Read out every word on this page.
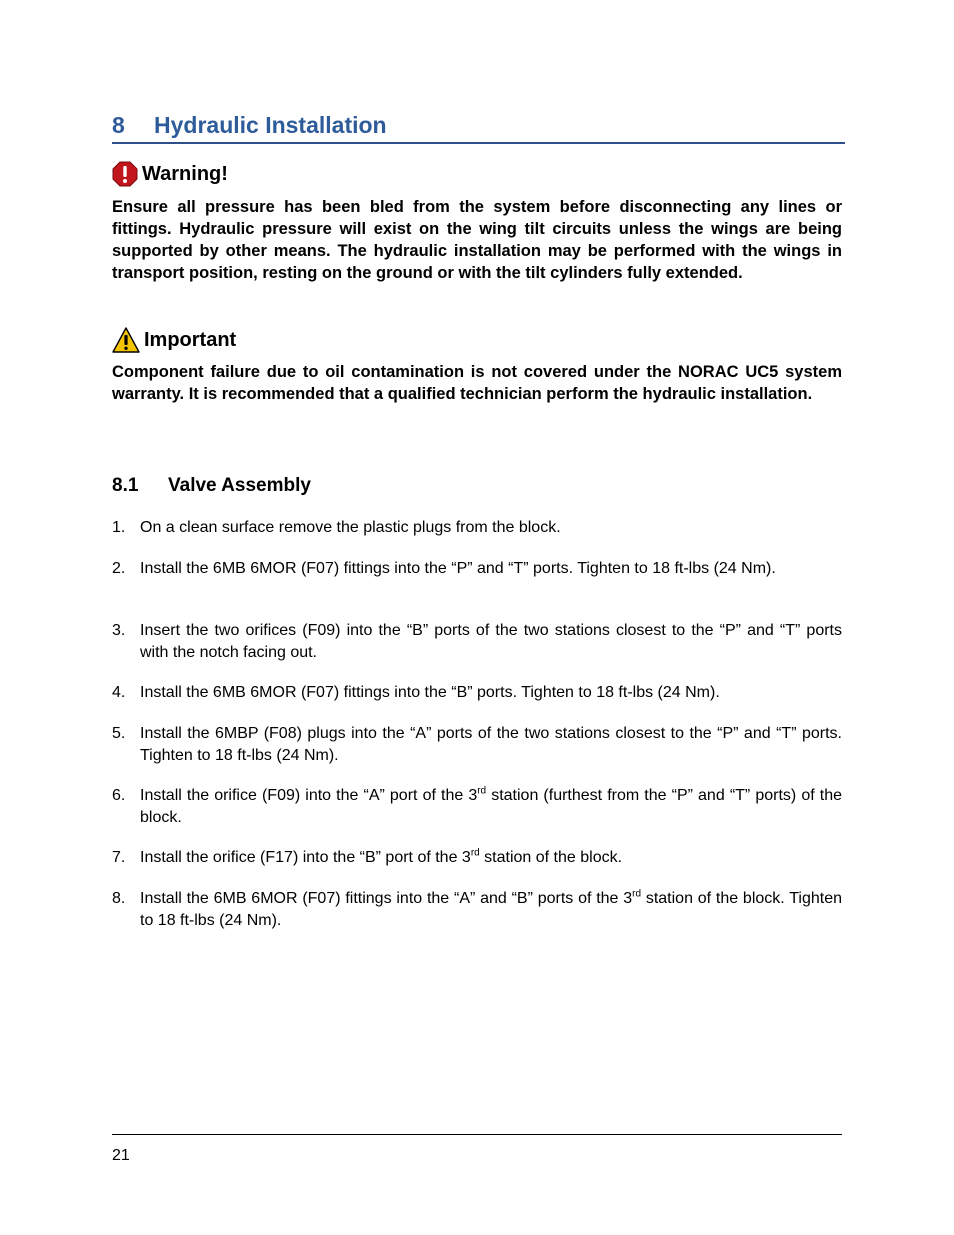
8 Hydraulic Installation
Warning!
Ensure all pressure has been bled from the system before disconnecting any lines or fittings. Hydraulic pressure will exist on the wing tilt circuits unless the wings are being supported by other means. The hydraulic installation may be performed with the wings in transport position, resting on the ground or with the tilt cylinders fully extended.
Important
Component failure due to oil contamination is not covered under the NORAC UC5 system warranty. It is recommended that a qualified technician perform the hydraulic installation.
8.1 Valve Assembly
1. On a clean surface remove the plastic plugs from the block.
2. Install the 6MB 6MOR (F07) fittings into the “P” and “T” ports. Tighten to 18 ft-lbs (24 Nm).
3. Insert the two orifices (F09) into the “B” ports of the two stations closest to the “P” and “T” ports with the notch facing out.
4. Install the 6MB 6MOR (F07) fittings into the “B” ports. Tighten to 18 ft-lbs (24 Nm).
5. Install the 6MBP (F08) plugs into the “A” ports of the two stations closest to the “P” and “T” ports. Tighten to 18 ft-lbs (24 Nm).
6. Install the orifice (F09) into the “A” port of the 3rd station (furthest from the “P” and “T” ports) of the block.
7. Install the orifice (F17) into the “B” port of the 3rd station of the block.
8. Install the 6MB 6MOR (F07) fittings into the “A” and “B” ports of the 3rd station of the block. Tighten to 18 ft-lbs (24 Nm).
21
